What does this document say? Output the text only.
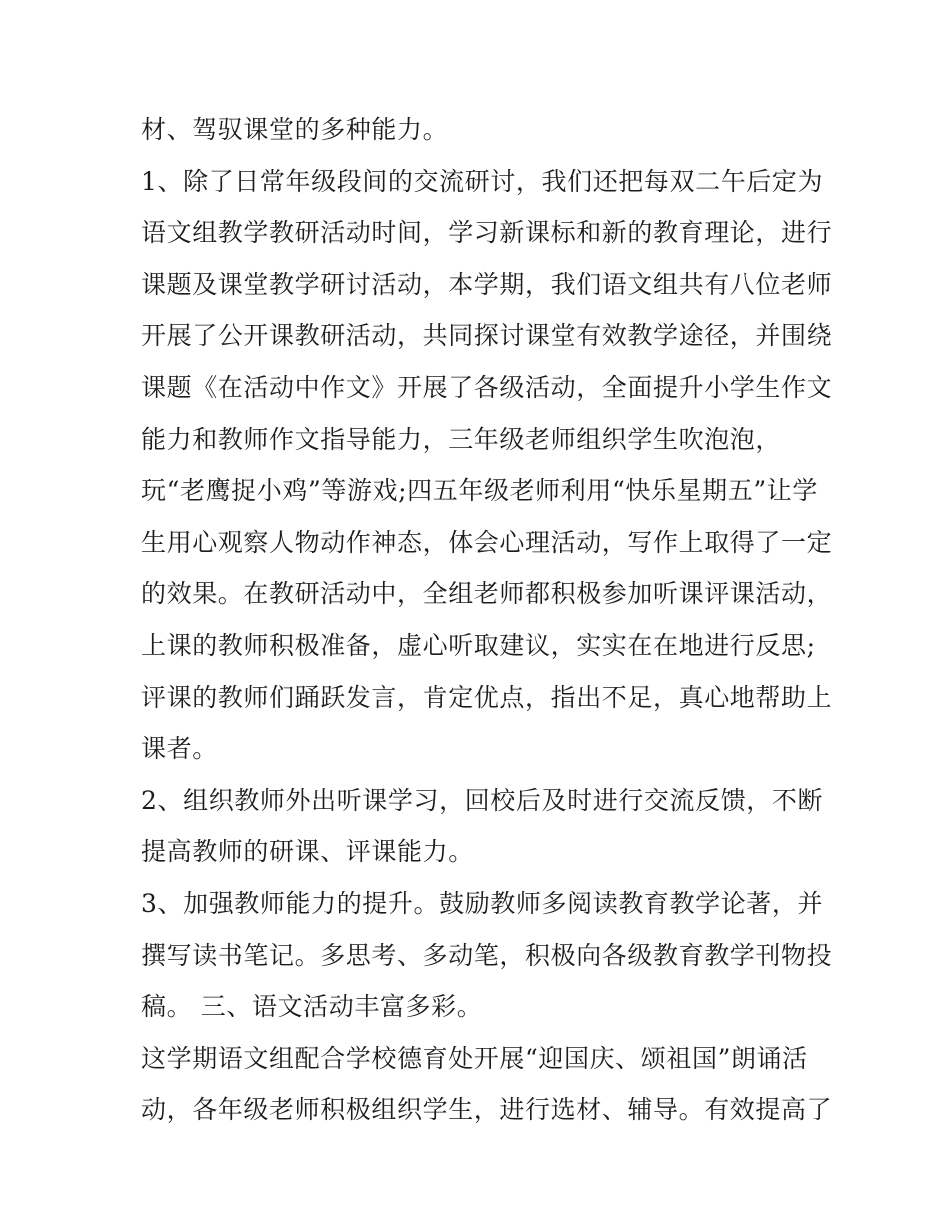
材、驾驭课堂的多种能力。
1、除了日常年级段间的交流研讨，我们还把每双二午后定为
语文组教学教研活动时间，学习新课标和新的教育理论，进行
课题及课堂教学研讨活动，本学期，我们语文组共有八位老师
开展了公开课教研活动，共同探讨课堂有效教学途径，并围绕
课题《在活动中作文》开展了各级活动，全面提升小学生作文
能力和教师作文指导能力，三年级老师组织学生吹泡泡，
玩“老鹰捉小鸡”等游戏;四五年级老师利用“快乐星期五”让学
生用心观察人物动作神态，体会心理活动，写作上取得了一定
的效果。在教研活动中，全组老师都积极参加听课评课活动，
上课的教师积极准备，虚心听取建议，实实在在地进行反思;
评课的教师们踊跃发言，肯定优点，指出不足，真心地帮助上
课者。
2、组织教师外出听课学习，回校后及时进行交流反馈，不断
提高教师的研课、评课能力。
3、加强教师能力的提升。鼓励教师多阅读教育教学论著，并
撰写读书笔记。多思考、多动笔，积极向各级教育教学刊物投
稿。 三、语文活动丰富多彩。
这学期语文组配合学校德育处开展“迎国庆、颂祖国”朗诵活
动，各年级老师积极组织学生，进行选材、辅导。有效提高了
